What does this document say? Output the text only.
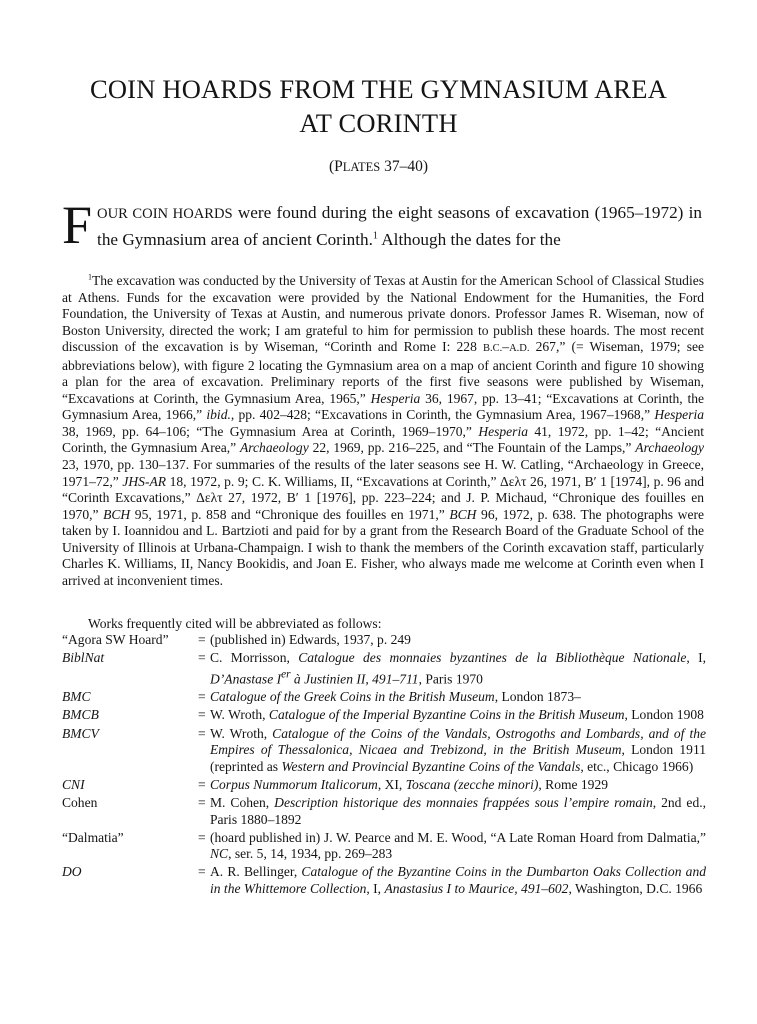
COIN HOARDS FROM THE GYMNASIUM AREA
AT CORINTH
(PLATES 37–40)
FOUR COIN HOARDS were found during the eight seasons of excavation (1965–1972) in the Gymnasium area of ancient Corinth.$^1$ Although the dates for the
$^1$The excavation was conducted by the University of Texas at Austin for the American School of Classical Studies at Athens. Funds for the excavation were provided by the National Endowment for the Humanities, the Ford Foundation, the University of Texas at Austin, and numerous private donors. Professor James R. Wiseman, now of Boston University, directed the work; I am grateful to him for permission to publish these hoards. The most recent discussion of the excavation is by Wiseman, “Corinth and Rome I: 228 B.C.–A.D. 267,” (= Wiseman, 1979; see abbreviations below), with figure 2 locating the Gymnasium area on a map of ancient Corinth and figure 10 showing a plan for the area of excavation. Preliminary reports of the first five seasons were published by Wiseman, “Excavations at Corinth, the Gymnasium Area, 1965,” Hesperia 36, 1967, pp. 13–41; “Excavations at Corinth, the Gymnasium Area, 1966,” ibid., pp. 402–428; “Excavations in Corinth, the Gymnasium Area, 1967–1968,” Hesperia 38, 1969, pp. 64–106; “The Gymnasium Area at Corinth, 1969–1970,” Hesperia 41, 1972, pp. 1–42; “Ancient Corinth, the Gymnasium Area,” Archaeology 22, 1969, pp. 216–225, and “The Fountain of the Lamps,” Archaeology 23, 1970, pp. 130–137. For summaries of the results of the later seasons see H. W. Catling, “Archaeology in Greece, 1971–72,” JHS-AR 18, 1972, p. 9; C. K. Williams, II, “Excavations at Corinth,” Δελτ 26, 1971, Β′ 1 [1974], p. 96 and “Corinth Excavations,” Δελτ 27, 1972, Β′ 1 [1976], pp. 223–224; and J. P. Michaud, “Chronique des fouilles en 1970,” BCH 95, 1971, p. 858 and “Chronique des fouilles en 1971,” BCH 96, 1972, p. 638. The photographs were taken by I. Ioannidou and L. Bartzioti and paid for by a grant from the Research Board of the Graduate School of the University of Illinois at Urbana-Champaign. I wish to thank the members of the Corinth excavation staff, particularly Charles K. Williams, II, Nancy Bookidis, and Joan E. Fisher, who always made me welcome at Corinth even when I arrived at inconvenient times.
Works frequently cited will be abbreviated as follows:
“Agora SW Hoard”	= (published in) Edwards, 1937, p. 249
BiblNat	= C. Morrisson, Catalogue des monnaies byzantines de la Bibliothèque Nationale, I, D’Anastase Ier à Justinien II, 491–711, Paris 1970
BMC	= Catalogue of the Greek Coins in the British Museum, London 1873–
BMCB	= W. Wroth, Catalogue of the Imperial Byzantine Coins in the British Museum, London 1908
BMCV	= W. Wroth, Catalogue of the Coins of the Vandals, Ostrogoths and Lombards, and of the Empires of Thessalonica, Nicaea and Trebizond, in the British Museum, London 1911 (reprinted as Western and Provincial Byzantine Coins of the Vandals, etc., Chicago 1966)
CNI	= Corpus Nummorum Italicorum, XI, Toscana (zecche minori), Rome 1929
Cohen	= M. Cohen, Description historique des monnaies frappées sous l’empire romain, 2nd ed., Paris 1880–1892
“Dalmatia”	= (hoard published in) J. W. Pearce and M. E. Wood, “A Late Roman Hoard from Dalmatia,” NC, ser. 5, 14, 1934, pp. 269–283
DO	= A. R. Bellinger, Catalogue of the Byzantine Coins in the Dumbarton Oaks Collection and in the Whittemore Collection, I, Anastasius I to Maurice, 491–602, Washington, D.C. 1966
